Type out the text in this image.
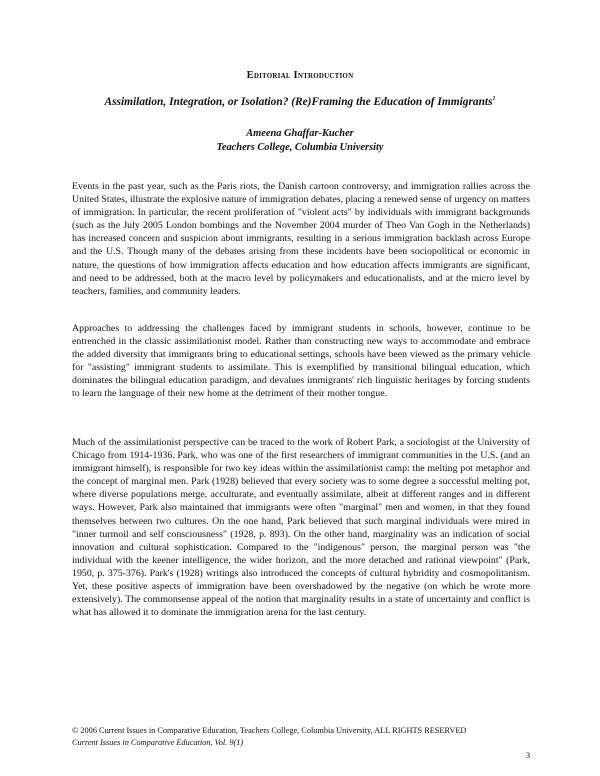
Editorial Introduction
Assimilation, Integration, or Isolation? (Re)Framing the Education of Immigrants$^1$
Ameena Ghaffar-Kucher
Teachers College, Columbia University

Events in the past year, such as the Paris riots, the Danish cartoon controversy, and immigration rallies across the United States, illustrate the explosive nature of immigration debates, placing a renewed sense of urgency on matters of immigration. In particular, the recent proliferation of "violent acts" by individuals with immigrant backgrounds (such as the July 2005 London bombings and the November 2004 murder of Theo Van Gogh in the Netherlands) has increased concern and suspicion about immigrants, resulting in a serious immigration backlash across Europe and the U.S. Though many of the debates arising from these incidents have been sociopolitical or economic in nature, the questions of how immigration affects education and how education affects immigrants are significant, and need to be addressed, both at the macro level by policymakers and educationalists, and at the micro level by teachers, families, and community leaders.

Approaches to addressing the challenges faced by immigrant students in schools, however, continue to be entrenched in the classic assimilationist model. Rather than constructing new ways to accommodate and embrace the added diversity that immigrants bring to educational settings, schools have been viewed as the primary vehicle for "assisting" immigrant students to assimilate. This is exemplified by transitional bilingual education, which dominates the bilingual education paradigm, and devalues immigrants' rich linguistic heritages by forcing students to learn the language of their new home at the detriment of their mother tongue.

Much of the assimilationist perspective can be traced to the work of Robert Park, a sociologist at the University of Chicago from 1914-1936. Park, who was one of the first researchers of immigrant communities in the U.S. (and an immigrant himself), is responsible for two key ideas within the assimilationist camp: the melting pot metaphor and the concept of marginal men. Park (1928) believed that every society was to some degree a successful melting pot, where diverse populations merge, acculturate, and eventually assimilate, albeit at different ranges and in different ways. However, Park also maintained that immigrants were often "marginal" men and women, in that they found themselves between two cultures. On the one hand, Park believed that such marginal individuals were mired in "inner turmoil and self consciousness" (1928, p. 893). On the other hand, marginality was an indication of social innovation and cultural sophistication. Compared to the "indigenous" person, the marginal person was "the individual with the keener intelligence, the wider horizon, and the more detached and rational viewpoint" (Park, 1950, p. 375-376). Park's (1928) writings also introduced the concepts of cultural hybridity and cosmopolitanism. Yet, these positive aspects of immigration have been overshadowed by the negative (on which he wrote more extensively). The commonsense appeal of the notion that marginality results in a state of uncertainty and conflict is what has allowed it to dominate the immigration arena for the last century.

© 2006 Current Issues in Comparative Education, Teachers College, Columbia University, ALL RIGHTS RESERVED
Current Issues in Comparative Education, Vol. 9(1)
3
